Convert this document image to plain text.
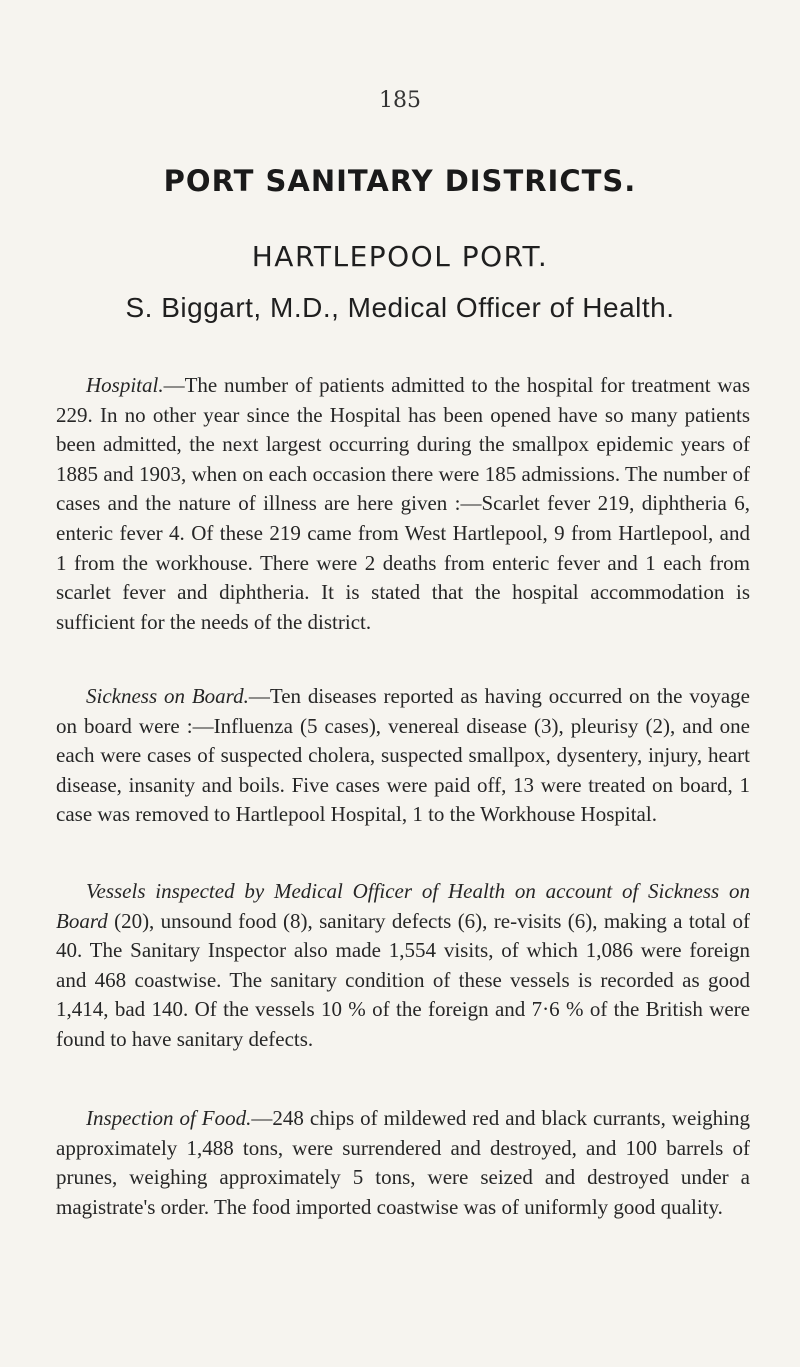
185
PORT SANITARY DISTRICTS.
HARTLEPOOL PORT.
S. Biggart, M.D., Medical Officer of Health.

Hospital.—The number of patients admitted to the hospital for treatment was 229. In no other year since the Hospital has been opened have so many patients been admitted, the next largest occurring during the smallpox epidemic years of 1885 and 1903, when on each occasion there were 185 admissions. The number of cases and the nature of illness are here given :—Scarlet fever 219, diphtheria 6, enteric fever 4. Of these 219 came from West Hartlepool, 9 from Hartlepool, and 1 from the workhouse. There were 2 deaths from enteric fever and 1 each from scarlet fever and diphtheria. It is stated that the hospital accommodation is sufficient for the needs of the district.

Sickness on Board.—Ten diseases reported as having occurred on the voyage on board were :—Influenza (5 cases), venereal disease (3), pleurisy (2), and one each were cases of suspected cholera, suspected smallpox, dysentery, injury, heart disease, insanity and boils. Five cases were paid off, 13 were treated on board, 1 case was removed to Hartlepool Hospital, 1 to the Workhouse Hospital.

Vessels inspected by Medical Officer of Health on account of Sickness on Board (20), unsound food (8), sanitary defects (6), re-visits (6), making a total of 40. The Sanitary Inspector also made 1,554 visits, of which 1,086 were foreign and 468 coastwise. The sanitary condition of these vessels is recorded as good 1,414, bad 140. Of the vessels 10 % of the foreign and 7·6 % of the British were found to have sanitary defects.

Inspection of Food.—248 chips of mildewed red and black currants, weighing approximately 1,488 tons, were surrendered and destroyed, and 100 barrels of prunes, weighing approximately 5 tons, were seized and destroyed under a magistrate's order. The food imported coastwise was of uniformly good quality.
